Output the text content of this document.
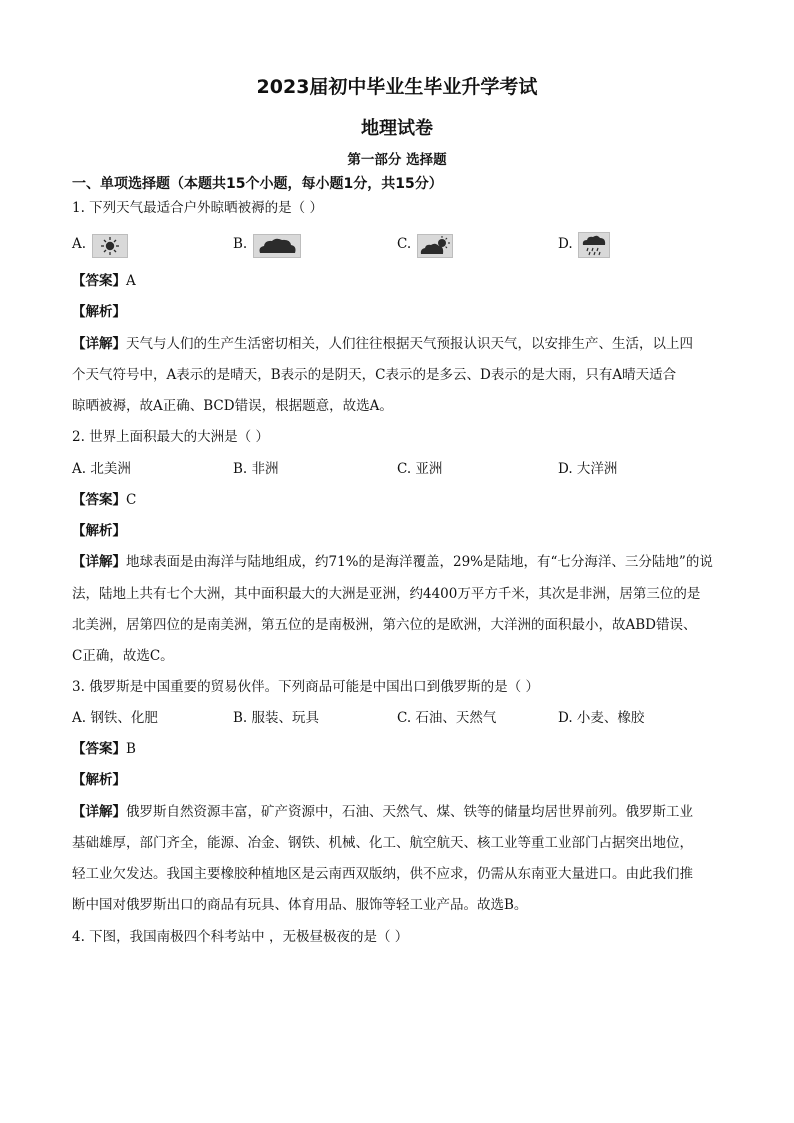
2023届初中毕业生毕业升学考试
地理试卷
第一部分 选择题
一、单项选择题（本题共15个小题，每小题1分，共15分）
1. 下列天气最适合户外晾晒被褥的是（ ）
A.	B.	C.	D.
【答案】A
【解析】
【详解】天气与人们的生产生活密切相关，人们往往根据天气预报认识天气，以安排生产、生活，以上四
个天气符号中，A表示的是晴天，B表示的是阴天，C表示的是多云、D表示的是大雨，只有A晴天适合
晾晒被褥，故A正确、BCD错误，根据题意，故选A。
2. 世界上面积最大的大洲是（ ）
A. 北美洲	B. 非洲	C. 亚洲	D. 大洋洲
【答案】C
【解析】
【详解】地球表面是由海洋与陆地组成，约71%的是海洋覆盖，29%是陆地，有“七分海洋、三分陆地”的说
法，陆地上共有七个大洲，其中面积最大的大洲是亚洲，约4400万平方千米，其次是非洲，居第三位的是
北美洲，居第四位的是南美洲，第五位的是南极洲，第六位的是欧洲，大洋洲的面积最小，故ABD错误、
C正确，故选C。
3. 俄罗斯是中国重要的贸易伙伴。下列商品可能是中国出口到俄罗斯的是（ ）
A. 钢铁、化肥	B. 服装、玩具	C. 石油、天然气	D. 小麦、橡胶
【答案】B
【解析】
【详解】俄罗斯自然资源丰富，矿产资源中，石油、天然气、煤、铁等的储量均居世界前列。俄罗斯工业
基础雄厚，部门齐全，能源、冶金、钢铁、机械、化工、航空航天、核工业等重工业部门占据突出地位，
轻工业欠发达。我国主要橡胶种植地区是云南西双版纳，供不应求，仍需从东南亚大量进口。由此我们推
断中国对俄罗斯出口的商品有玩具、体育用品、服饰等轻工业产品。故选B。
4. 下图，我国南极四个科考站中 ，无极昼极夜的是（ ）
